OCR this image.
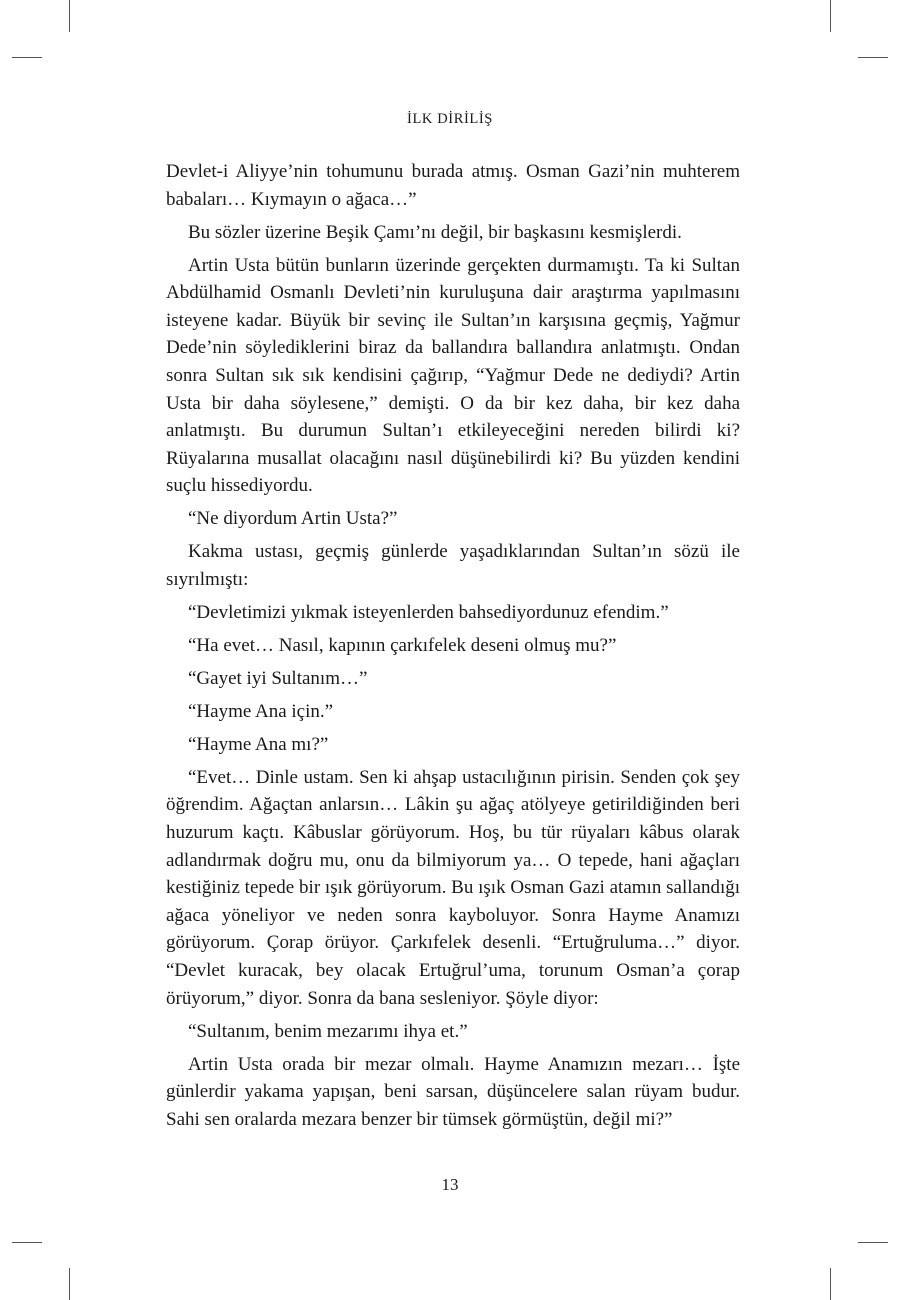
İLK DİRİLİŞ

Devlet-i Aliyye’nin tohumunu burada atmış. Osman Gazi’nin muhterem babaları… Kıymayın o ağaca…”

Bu sözler üzerine Beşik Çamı’nı değil, bir başkasını kesmişlerdi.

Artin Usta bütün bunların üzerinde gerçekten durmamıştı. Ta ki Sultan Abdülhamid Osmanlı Devleti’nin kuruluşuna dair araştırma yapılmasını isteyene kadar. Büyük bir sevinç ile Sultan’ın karşısına geçmiş, Yağmur Dede’nin söylediklerini biraz da ballandıra ballandıra anlatmıştı. Ondan sonra Sultan sık sık kendisini çağırıp, “Yağmur Dede ne dediydi? Artin Usta bir daha söylesene,” demişti. O da bir kez daha, bir kez daha anlatmıştı. Bu durumun Sultan’ı etkileyeceğini nereden bilirdi ki? Rüyalarına musallat olacağını nasıl düşünebilirdi ki? Bu yüzden kendini suçlu hissediyordu.

“Ne diyordum Artin Usta?”

Kakma ustası, geçmiş günlerde yaşadıklarından Sultan’ın sözü ile sıyrılmıştı:

“Devletimizi yıkmak isteyenlerden bahsediyordunuz efendim.”

“Ha evet… Nasıl, kapının çarkıfelek deseni olmuş mu?”

“Gayet iyi Sultanım…”

“Hayme Ana için.”

“Hayme Ana mı?”

“Evet… Dinle ustam. Sen ki ahşap ustacılığının pirisin. Senden çok şey öğrendim. Ağaçtan anlarsın… Lâkin şu ağaç atölyeye getirildiğinden beri huzurum kaçtı. Kâbuslar görüyorum. Hoş, bu tür rüyaları kâbus olarak adlandırmak doğru mu, onu da bilmiyorum ya… O tepede, hani ağaçları kestiğiniz tepede bir ışık görüyorum. Bu ışık Osman Gazi atamın sallandığı ağaca yöneliyor ve neden sonra kayboluyor. Sonra Hayme Anamızı görüyorum. Çorap örüyor. Çarkıfelek desenli. “Ertuğruluma…” diyor. “Devlet kuracak, bey olacak Ertuğrul’uma, torunum Osman’a çorap örüyorum,” diyor. Sonra da bana sesleniyor. Şöyle diyor:

“Sultanım, benim mezarımı ihya et.”

Artin Usta orada bir mezar olmalı. Hayme Anamızın mezarı… İşte günlerdir yakama yapışan, beni sarsan, düşüncelere salan rüyam budur. Sahi sen oralarda mezara benzer bir tümsek görmüştün, değil mi?”

13
